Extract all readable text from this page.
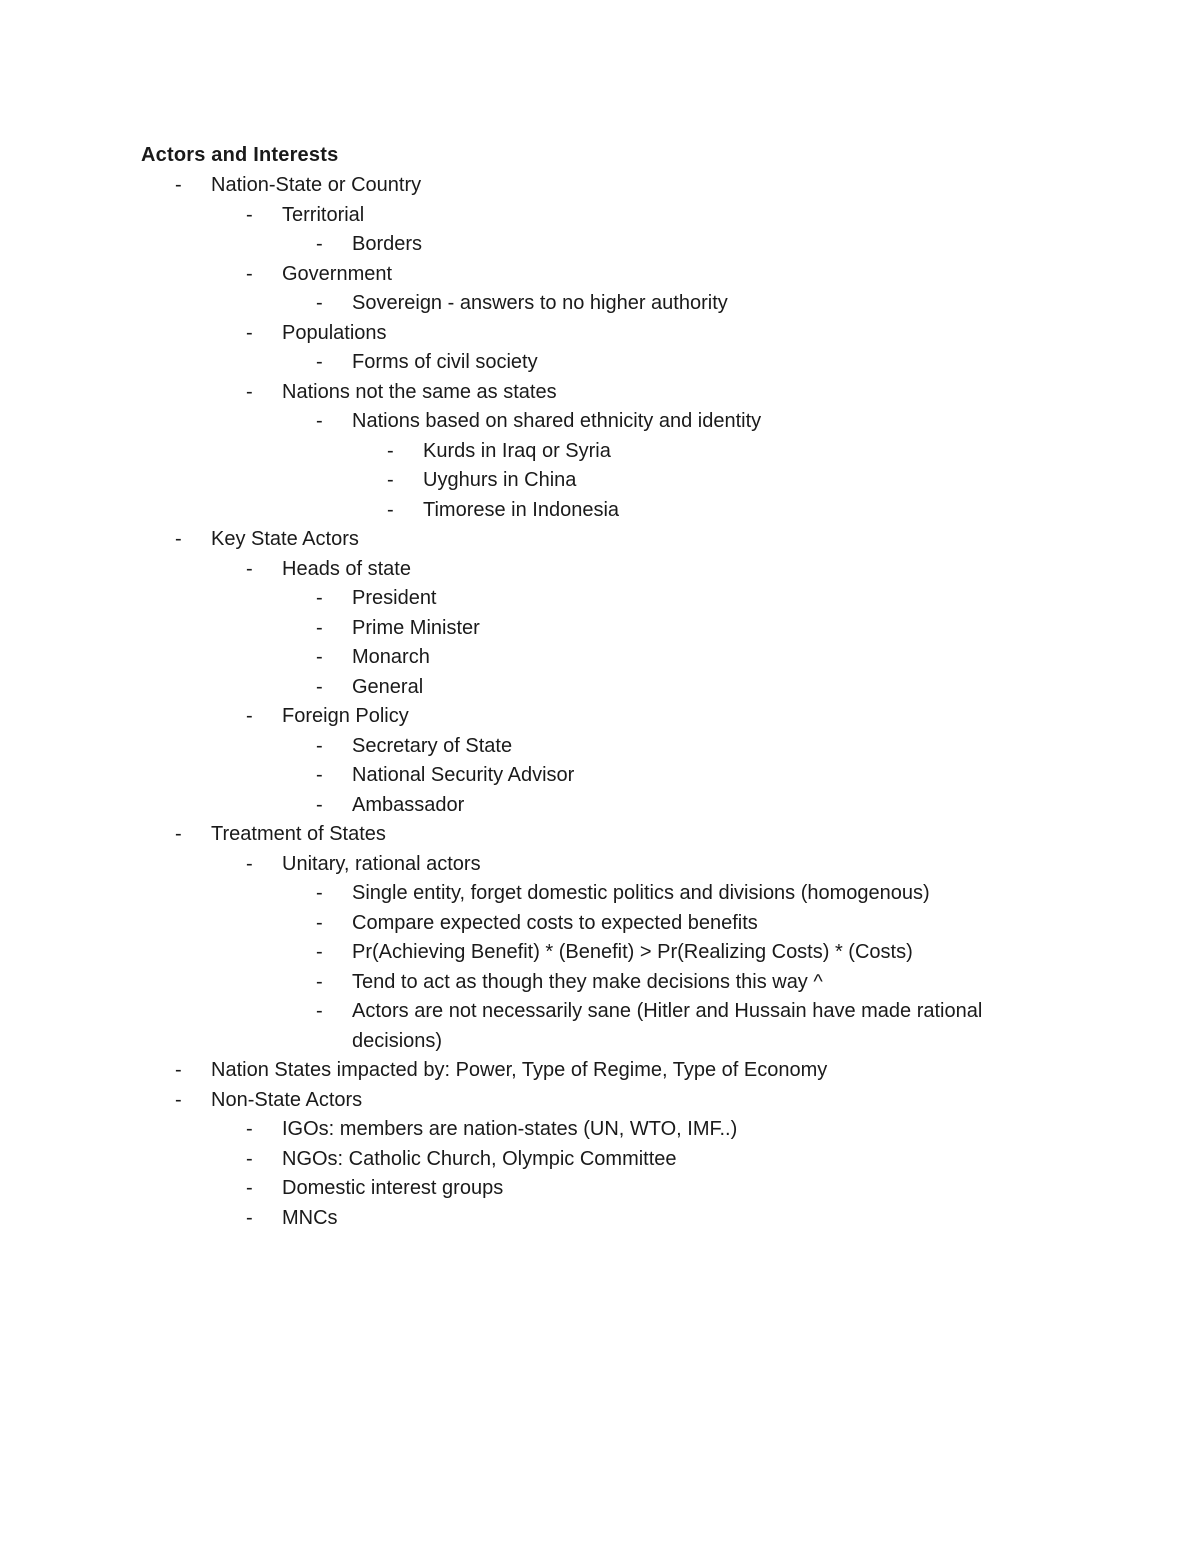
Actors and Interests
- Nation-State or Country
- Territorial
- Borders
- Government
- Sovereign - answers to no higher authority
- Populations
- Forms of civil society
- Nations not the same as states
- Nations based on shared ethnicity and identity
- Kurds in Iraq or Syria
- Uyghurs in China
- Timorese in Indonesia
- Key State Actors
- Heads of state
- President
- Prime Minister
- Monarch
- General
- Foreign Policy
- Secretary of State
- National Security Advisor
- Ambassador
- Treatment of States
- Unitary, rational actors
- Single entity, forget domestic politics and divisions (homogenous)
- Compare expected costs to expected benefits
- Pr(Achieving Benefit) * (Benefit) > Pr(Realizing Costs) * (Costs)
- Tend to act as though they make decisions this way ^
- Actors are not necessarily sane (Hitler and Hussain have made rational decisions)
- Nation States impacted by: Power, Type of Regime, Type of Economy
- Non-State Actors
- IGOs: members are nation-states (UN, WTO, IMF..)
- NGOs: Catholic Church, Olympic Committee
- Domestic interest groups
- MNCs
